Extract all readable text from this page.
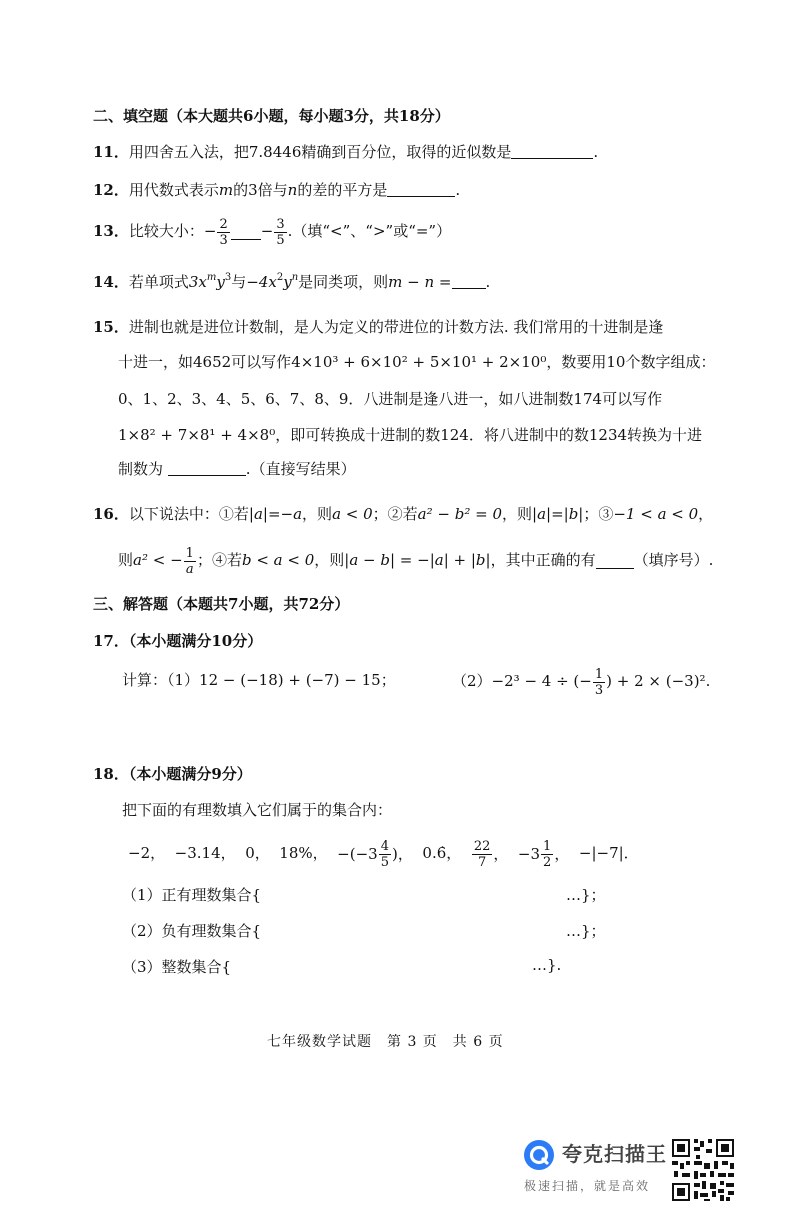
二、填空题（本大题共6小题，每小题3分，共18分）
11．用四舍五入法，把7.8446精确到百分位，取得的近似数是	.
12．用代数式表示m的3倍与n的差的平方是	.
13．比较大小：− $\frac{2}{3} - \frac{3}{5}$ .（填“<”、“>”或“=”）
14．若单项式$3x^my^3$与$-4x^2y^n$是同类项，则m − n = .
15．进制也就是进位计数制，是人为定义的带进位的计数方法. 我们常用的十进制是逢
十进一，如4652可以写作4×10³ + 6×10² + 5×10¹ + 2×10⁰，数要用10个数字组成：
0、1、2、3、4、5、6、7、8、9．八进制是逢八进一，如八进制数174可以写作
1×8² + 7×8¹ + 4×8⁰，即可转换成十进制的数124．将八进制中的数1234转换为十进
制数为	.（直接写结果）
16．以下说法中：①若|a|=−a，则a < 0；②若a² − b² = 0，则|a|=|b|；③−1 < a < 0，
则a² < − $\frac{1}{a}$ ；④若b < a < 0，则|a − b| = −|a| + |b|，其中正确的有	（填序号）.
三、解答题（本题共7小题，共72分）
17．（本小题满分10分）
计算：（1）12 − (−18) + (−7) − 15；	（2）−2³ − 4 ÷ (− $\frac{1}{3}$ ) + 2 × (−3)².
18．（本小题满分9分）
把下面的有理数填入它们属于的集合内：
−2， −3.14， 0， 18%， $-(-3 \frac{4}{5}$ )， 0.6̇， $\frac{22}{7}$ ，
$-3 \frac{1}{2}$ ， −|−7|．
（1）正有理数集合{	…}；
（2）负有理数集合{	…}；
（3）整数集合{	…}.
七年级数学试题　第 3 页　共 6 页
夸克扫描王
极速扫描，就是高效
